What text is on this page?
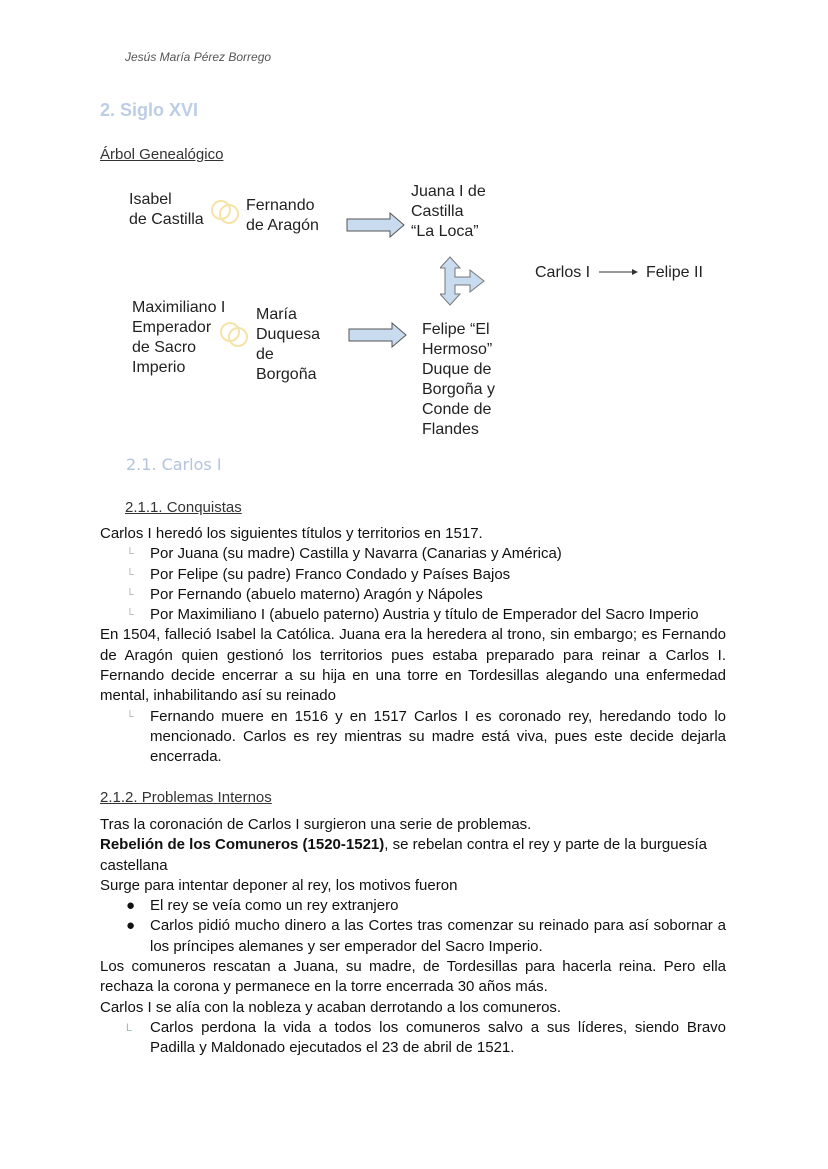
Jesús María Pérez Borrego
2. Siglo XVI
Árbol Genealógico
Isabel
de Castilla
Fernando
de Aragón
Juana I de
Castilla
“La Loca”
Carlos I	Felipe II
Maximiliano I
Emperador
de Sacro
Imperio
María
Duquesa
de
Borgoña
Felipe “El
Hermoso”
Duque de
Borgoña y
Conde de
Flandes
2.1. Carlos I
2.1.1. Conquistas

Carlos I heredó los siguientes títulos y territorios en 1517.

└ Por Juana (su madre) Castilla y Navarra (Canarias y América)
└ Por Felipe (su padre) Franco Condado y Países Bajos
└ Por Fernando (abuelo materno) Aragón y Nápoles
└ Por Maximiliano I (abuelo paterno) Austria y título de Emperador del Sacro Imperio

En 1504, falleció Isabel la Católica. Juana era la heredera al trono, sin embargo; es Fernando de Aragón quien gestionó los territorios pues estaba preparado para reinar a Carlos I. Fernando decide encerrar a su hija en una torre en Tordesillas alegando una enfermedad mental, inhabilitando así su reinado

└ Fernando muere en 1516 y en 1517 Carlos I es coronado rey, heredando todo lo mencionado. Carlos es rey mientras su madre está viva, pues este decide dejarla encerrada.
2.1.2. Problemas Internos

Tras la coronación de Carlos I surgieron una serie de problemas.

Rebelión de los Comuneros (1520-1521), se rebelan contra el rey y parte de la burguesía castellana

Surge para intentar deponer al rey, los motivos fueron

● El rey se veía como un rey extranjero
● Carlos pidió mucho dinero a las Cortes tras comenzar su reinado para así sobornar a los príncipes alemanes y ser emperador del Sacro Imperio.

Los comuneros rescatan a Juana, su madre, de Tordesillas para hacerla reina. Pero ella rechaza la corona y permanece en la torre encerrada 30 años más.

Carlos I se alía con la nobleza y acaban derrotando a los comuneros.

L Carlos perdona la vida a todos los comuneros salvo a sus líderes, siendo Bravo Padilla y Maldonado ejecutados el 23 de abril de 1521.
